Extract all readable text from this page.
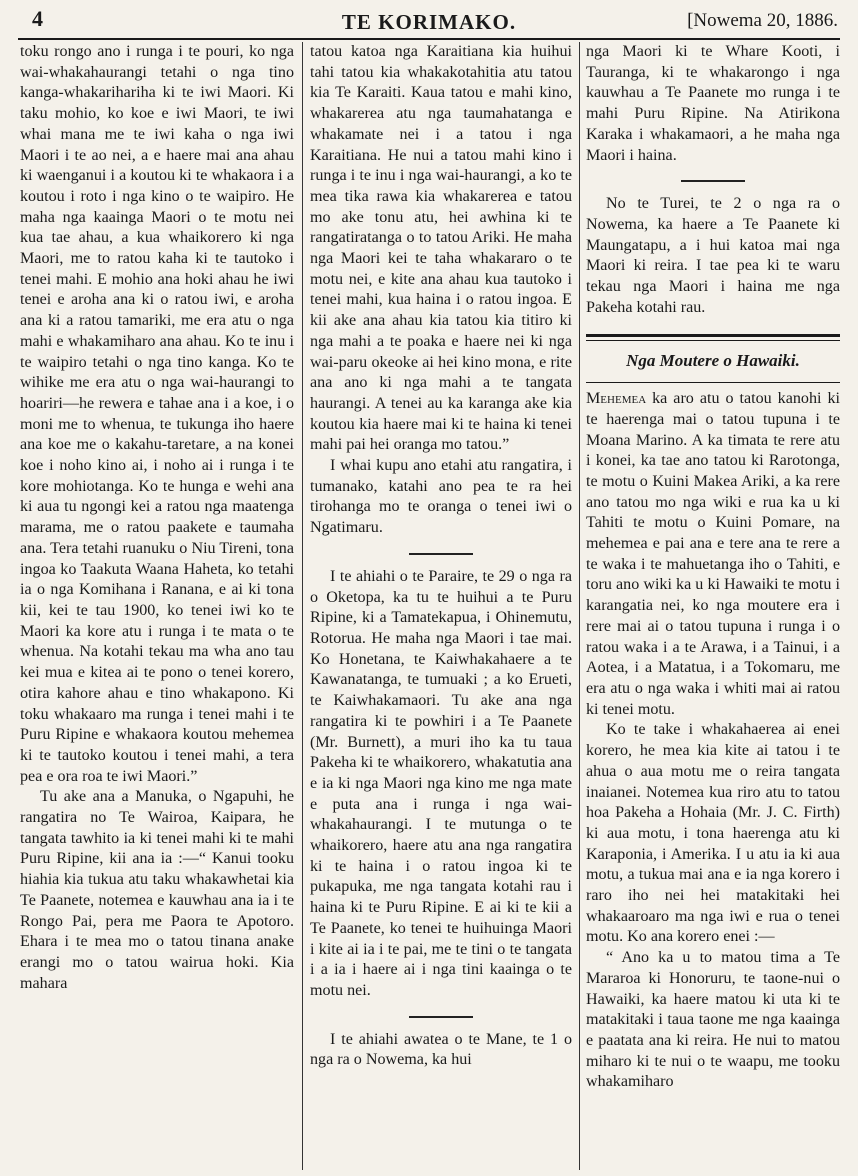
4	TE KORIMAKO.	[Nowema 20, 1886.

toku rongo ano i runga i te pouri, ko nga wai-whakahaurangi tetahi o nga tino kanga-whakarihariha ki te iwi Maori. Ki taku mohio, ko koe e iwi Maori, te iwi whai mana me te iwi kaha o nga iwi Maori i te ao nei, a e haere mai ana ahau ki waenganui i a koutou ki te whakaora i a koutou i roto i nga kino o te waipiro. He maha nga kaainga Maori o te motu nei kua tae ahau, a kua whaikorero ki nga Maori, me to ratou kaha ki te tautoko i tenei mahi. E mohio ana hoki ahau he iwi tenei e aroha ana ki o ratou iwi, e aroha ana ki a ratou tamariki, me era atu o nga mahi e whakamiharo ana ahau. Ko te inu i te waipiro tetahi o nga tino kanga. Ko te wihike me era atu o nga wai-haurangi to hoariri—he rewera e tahae ana i a koe, i o moni me to whenua, te tukunga iho haere ana koe me o kakahu-taretare, a na konei koe i noho kino ai, i noho ai i runga i te kore mohiotanga. Ko te hunga e wehi ana ki aua tu ngongi kei a ratou nga maatenga marama, me o ratou paakete e taumaha ana. Tera tetahi ruanuku o Niu Tireni, tona ingoa ko Taakuta Waana Haheta, ko tetahi ia o nga Komihana i Ranana, e ai ki tona kii, kei te tau 1900, ko tenei iwi ko te Maori ka kore atu i runga i te mata o te whenua. Na kotahi tekau ma wha ano tau kei mua e kitea ai te pono o tenei korero, otira kahore ahau e tino whakapono. Ki toku whakaaro ma runga i tenei mahi i te Puru Ripine e whakaora koutou mehemea ki te tautoko koutou i tenei mahi, a tera pea e ora roa te iwi Maori.”

Tu ake ana a Manuka, o Ngapuhi, he rangatira no Te Wairoa, Kaipara, he tangata tawhito ia ki tenei mahi ki te mahi Puru Ripine, kii ana ia :—“ Kanui tooku hiahia kia tukua atu taku whakawhetai kia Te Paanete, notemea e kauwhau ana ia i te Rongo Pai, pera me Paora te Apotoro. Ehara i te mea mo o tatou tinana anake erangi mo o tatou wairua hoki. Kia mahara

tatou katoa nga Karaitiana kia huihui tahi tatou kia whakakotahitia atu tatou kia Te Karaiti. Kaua tatou e mahi kino, whakarerea atu nga taumahatanga e whakamate nei i a tatou i nga Karaitiana. He nui a tatou mahi kino i runga i te inu i nga wai-haurangi, a ko te mea tika rawa kia whakarerea e tatou mo ake tonu atu, hei awhina ki te rangatiratanga o to tatou Ariki. He maha nga Maori kei te taha whakararo o te motu nei, e kite ana ahau kua tautoko i tenei mahi, kua haina i o ratou ingoa. E kii ake ana ahau kia tatou kia titiro ki nga mahi a te poaka e haere nei ki nga wai-paru okeoke ai hei kino mona, e rite ana ano ki nga mahi a te tangata haurangi. A tenei au ka karanga ake kia koutou kia haere mai ki te haina ki tenei mahi pai hei oranga mo tatou.”

I whai kupu ano etahi atu rangatira, i tumanako, katahi ano pea te ra hei tirohanga mo te oranga o tenei iwi o Ngatimaru.

I te ahiahi o te Paraire, te 29 o nga ra o Oketopa, ka tu te huihui a te Puru Ripine, ki a Tamatekapua, i Ohinemutu, Rotorua. He maha nga Maori i tae mai. Ko Honetana, te Kaiwhakahaere a te Kawanatanga, te tumuaki ; a ko Erueti, te Kaiwhakamaori. Tu ake ana nga rangatira ki te powhiri i a Te Paanete (Mr. Burnett), a muri iho ka tu taua Pakeha ki te whaikorero, whakatutia ana e ia ki nga Maori nga kino me nga mate e puta ana i runga i nga wai-whakahaurangi. I te mutunga o te whaikorero, haere atu ana nga rangatira ki te haina i o ratou ingoa ki te pukapuka, me nga tangata kotahi rau i haina ki te Puru Ripine. E ai ki te kii a Te Paanete, ko tenei te huihuinga Maori i kite ai ia i te pai, me te tini o te tangata i a ia i haere ai i nga tini kaainga o te motu nei.

I te ahiahi awatea o te Mane, te 1 o nga ra o Nowema, ka hui

nga Maori ki te Whare Kooti, i Tauranga, ki te whakarongo i nga kauwhau a Te Paanete mo runga i te mahi Puru Ripine. Na Atirikona Karaka i whakamaori, a he maha nga Maori i haina.

No te Turei, te 2 o nga ra o Nowema, ka haere a Te Paanete ki Maungatapu, a i hui katoa mai nga Maori ki reira. I tae pea ki te waru tekau nga Maori i haina me nga Pakeha kotahi rau.

Nga Moutere o Hawaiki.

Mehemea ka aro atu o tatou kanohi ki te haerenga mai o tatou tupuna i te Moana Marino. A ka timata te rere atu i konei, ka tae ano tatou ki Rarotonga, te motu o Kuini Makea Ariki, a ka rere ano tatou mo nga wiki e rua ka u ki Tahiti te motu o Kuini Pomare, na mehemea e pai ana e tere ana te rere a te waka i te mahuetanga iho o Tahiti, e toru ano wiki ka u ki Hawaiki te motu i karangatia nei, ko nga moutere era i rere mai ai o tatou tupuna i runga i o ratou waka i a te Arawa, i a Tainui, i a Aotea, i a Matatua, i a Tokomaru, me era atu o nga waka i whiti mai ai ratou ki tenei motu.

Ko te take i whakahaerea ai enei korero, he mea kia kite ai tatou i te ahua o aua motu me o reira tangata inaianei. Notemea kua riro atu to tatou hoa Pakeha a Hohaia (Mr. J. C. Firth) ki aua motu, i tona haerenga atu ki Karaponia, i Amerika. I u atu ia ki aua motu, a tukua mai ana e ia nga korero i raro iho nei hei matakitaki hei whakaaroaro ma nga iwi e rua o tenei motu. Ko ana korero enei :—

“ Ano ka u to matou tima a Te Mararoa ki Honoruru, te taone-nui o Hawaiki, ka haere matou ki uta ki te matakitaki i taua taone me nga kaainga e paatata ana ki reira. He nui to matou miharo ki te nui o te waapu, me tooku whakamiharo
